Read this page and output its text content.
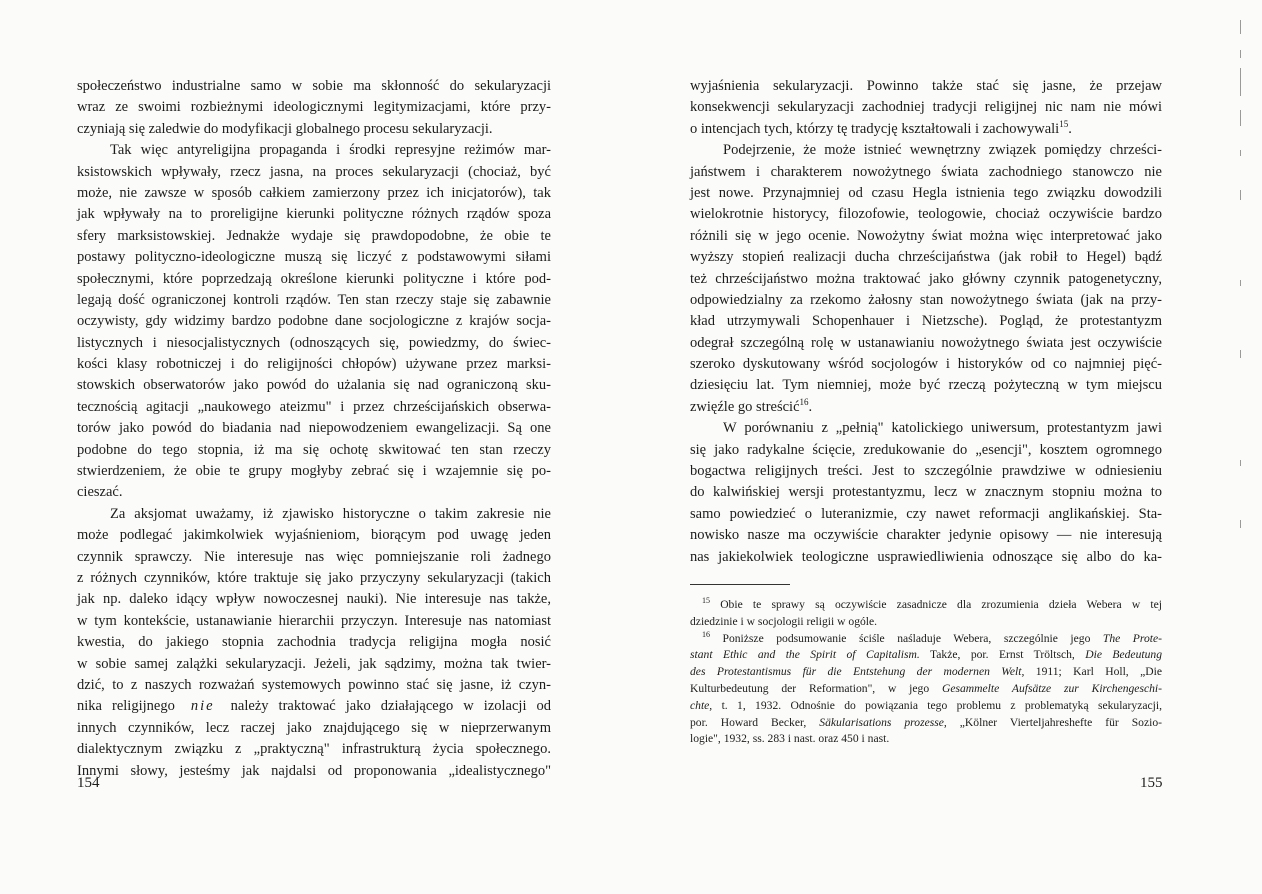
społeczeństwo industrialne samo w sobie ma skłonność do sekularyzacji
wraz ze swoimi rozbieżnymi ideologicznymi legitymizacjami, które przy-
czyniają się zaledwie do modyfikacji globalnego procesu sekularyzacji.
Tak więc antyreligijna propaganda i środki represyjne reżimów mar-
ksistowskich wpływały, rzecz jasna, na proces sekularyzacji (chociaż, być
może, nie zawsze w sposób całkiem zamierzony przez ich inicjatorów), tak
jak wpływały na to proreligijne kierunki polityczne różnych rządów spoza
sfery marksistowskiej. Jednakże wydaje się prawdopodobne, że obie te
postawy polityczno-ideologiczne muszą się liczyć z podstawowymi siłami
społecznymi, które poprzedzają określone kierunki polityczne i które pod-
legają dość ograniczonej kontroli rządów. Ten stan rzeczy staje się zabawnie
oczywisty, gdy widzimy bardzo podobne dane socjologiczne z krajów socja-
listycznych i niesocjalistycznych (odnoszących się, powiedzmy, do świec-
kości klasy robotniczej i do religijności chłopów) używane przez marksi-
stowskich obserwatorów jako powód do użalania się nad ograniczoną sku-
tecznością agitacji „naukowego ateizmu" i przez chrześcijańskich obserwa-
torów jako powód do biadania nad niepowodzeniem ewangelizacji. Są one
podobne do tego stopnia, iż ma się ochotę skwitować ten stan rzeczy
stwierdzeniem, że obie te grupy mogłyby zebrać się i wzajemnie się po-
cieszać.
Za aksjomat uważamy, iż zjawisko historyczne o takim zakresie nie
może podlegać jakimkolwiek wyjaśnieniom, biorącym pod uwagę jeden
czynnik sprawczy. Nie interesuje nas więc pomniejszanie roli żadnego
z różnych czynników, które traktuje się jako przyczyny sekularyzacji (takich
jak np. daleko idący wpływ nowoczesnej nauki). Nie interesuje nas także,
w tym kontekście, ustanawianie hierarchii przyczyn. Interesuje nas natomiast
kwestia, do jakiego stopnia zachodnia tradycja religijna mogła nosić
w sobie samej zalążki sekularyzacji. Jeżeli, jak sądzimy, można tak twier-
dzić, to z naszych rozważań systemowych powinno stać się jasne, iż czyn-
nika religijnego nie należy traktować jako działającego w izolacji od
innych czynników, lecz raczej jako znajdującego się w nieprzerwanym
dialektycznym związku z „praktyczną" infrastrukturą życia społecznego.
Innymi słowy, jesteśmy jak najdalsi od proponowania „idealistycznego"
wyjaśnienia sekularyzacji. Powinno także stać się jasne, że przejaw
konsekwencji sekularyzacji zachodniej tradycji religijnej nic nam nie mówi
o intencjach tych, którzy tę tradycję kształtowali i zachowywali$^{15}$.
Podejrzenie, że może istnieć wewnętrzny związek pomiędzy chrześci-
jaństwem i charakterem nowożytnego świata zachodniego stanowczo nie
jest nowe. Przynajmniej od czasu Hegla istnienia tego związku dowodzili
wielokrotnie historycy, filozofowie, teologowie, chociaż oczywiście bardzo
różnili się w jego ocenie. Nowożytny świat można więc interpretować jako
wyższy stopień realizacji ducha chrześcijaństwa (jak robił to Hegel) bądź
też chrześcijaństwo można traktować jako główny czynnik patogenetyczny,
odpowiedzialny za rzekomo żałosny stan nowożytnego świata (jak na przy-
kład utrzymywali Schopenhauer i Nietzsche). Pogląd, że protestantyzm
odegrał szczególną rolę w ustanawianiu nowożytnego świata jest oczywiście
szeroko dyskutowany wśród socjologów i historyków od co najmniej pięć-
dziesięciu lat. Tym niemniej, może być rzeczą pożyteczną w tym miejscu
zwięźle go streścić$^{16}$.
W porównaniu z „pełnią" katolickiego uniwersum, protestantyzm jawi
się jako radykalne ścięcie, zredukowanie do „esencji", kosztem ogromnego
bogactwa religijnych treści. Jest to szczególnie prawdziwe w odniesieniu
do kalwińskiej wersji protestantyzmu, lecz w znacznym stopniu można to
samo powiedzieć o luteranizmie, czy nawet reformacji anglikańskiej. Sta-
nowisko nasze ma oczywiście charakter jedynie opisowy — nie interesują
nas jakiekolwiek teologiczne usprawiedliwienia odnoszące się albo do ka-
$^{15}$ Obie te sprawy są oczywiście zasadnicze dla zrozumienia dzieła Webera w tej
dziedzinie i w socjologii religii w ogóle.
$^{16}$ Poniższe podsumowanie ściśle naśladuje Webera, szczególnie jego The Prote-
stant Ethic and the Spirit of Capitalism. Także, por. Ernst Tröltsch, Die Bedeutung
des Protestantismus für die Entstehung der modernen Welt, 1911; Karl Holl, „Die
Kulturbedeutung der Reformation", w jego Gesammelte Aufsätze zur Kirchengeschi-
chte, t. 1, 1932. Odnośnie do powiązania tego problemu z problematyką sekularyzacji,
por. Howard Becker, Säkularisations prozesse, „Kölner Vierteljahreshefte für Sozio-
logie", 1932, ss. 283 i nast. oraz 450 i nast.
154	155
